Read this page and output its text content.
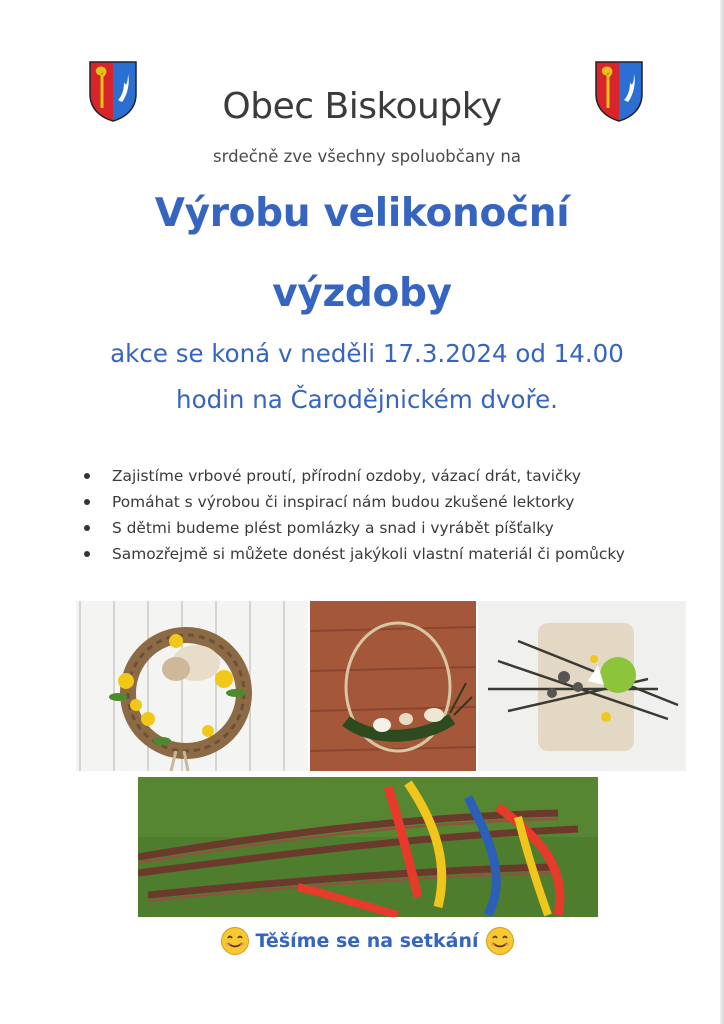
Obec Biskoupky
srdečně zve všechny spoluobčany na
Výrobu velikonoční
výzdoby
akce se koná v neděli 17.3.2024 od 14.00
hodin na Čarodějnickém dvoře.
Zajistíme vrbové proutí, přírodní ozdoby, vázací drát, tavičky
Pomáhat s výrobou či inspirací nám budou zkušené lektorky
S dětmi budeme plést pomlázky a snad i vyrábět píšťalky
Samozřejmě si můžete donést jakýkoli vlastní materiál či pomůcky
Těšíme se na setkání
